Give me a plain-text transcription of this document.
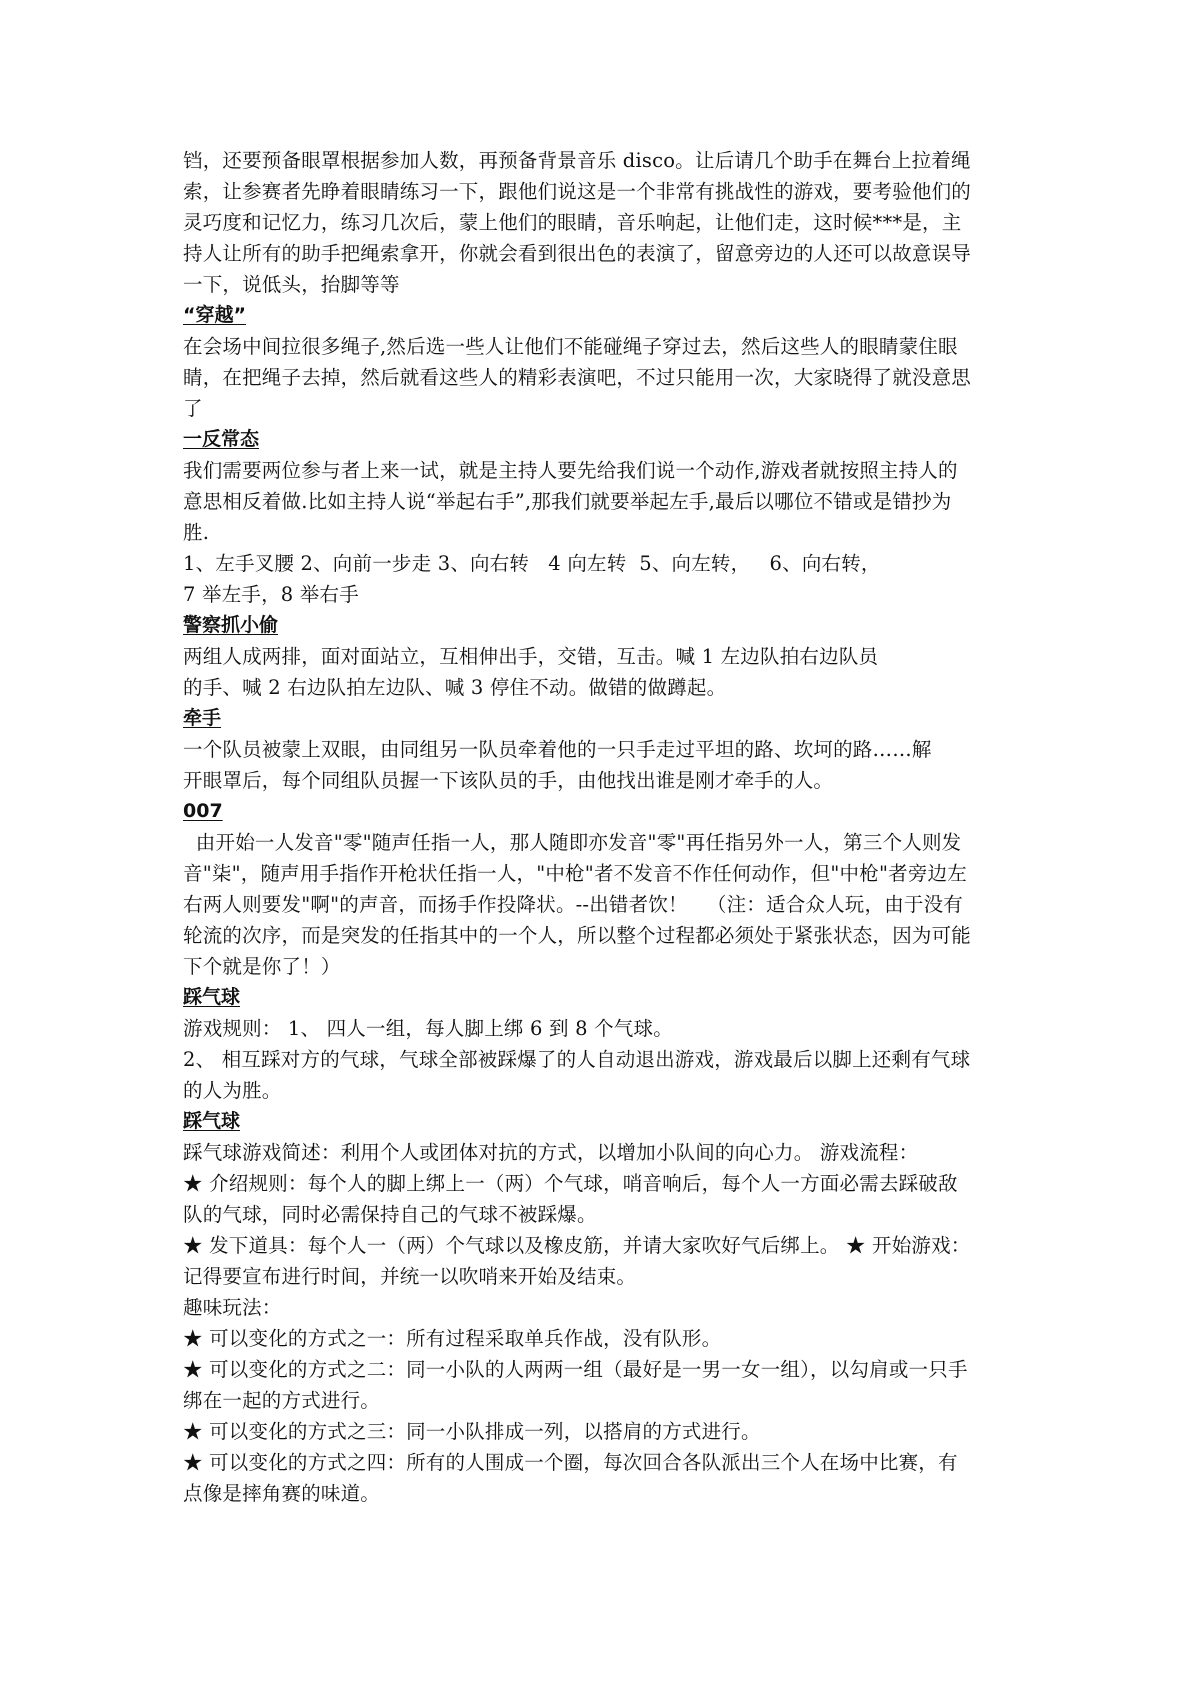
铛，还要预备眼罩根据参加人数，再预备背景音乐 disco。让后请几个助手在舞台上拉着绳
索，让参赛者先睁着眼睛练习一下，跟他们说这是一个非常有挑战性的游戏，要考验他们的
灵巧度和记忆力，练习几次后，蒙上他们的眼睛，音乐响起，让他们走，这时候***是，主
持人让所有的助手把绳索拿开，你就会看到很出色的表演了，留意旁边的人还可以故意误导
一下，说低头，抬脚等等
“穿越”
在会场中间拉很多绳子,然后选一些人让他们不能碰绳子穿过去，然后这些人的眼睛蒙住眼
睛，在把绳子去掉，然后就看这些人的精彩表演吧，不过只能用一次，大家晓得了就没意思
了
一反常态
我们需要两位参与者上来一试，就是主持人要先给我们说一个动作,游戏者就按照主持人的
意思相反着做.比如主持人说“举起右手”,那我们就要举起左手,最后以哪位不错或是错抄为
胜.
1、左手叉腰 2、向前一步走 3、向右转   4 向左转  5、向左转，   6、向右转，
7 举左手，8 举右手
警察抓小偷
两组人成两排，面对面站立，互相伸出手，交错，互击。喊 1 左边队拍右边队员
的手、喊 2 右边队拍左边队、喊 3 停住不动。做错的做蹲起。
牵手
一个队员被蒙上双眼，由同组另一队员牵着他的一只手走过平坦的路、坎坷的路……解
开眼罩后，每个同组队员握一下该队员的手，由他找出谁是刚才牵手的人。
007
由开始一人发音"零"随声任指一人，那人随即亦发音"零"再任指另外一人，第三个人则发
音"柒"，随声用手指作开枪状任指一人，"中枪"者不发音不作任何动作，但"中枪"者旁边左
右两人则要发"啊"的声音，而扬手作投降状。--出错者饮！   （注：适合众人玩，由于没有
轮流的次序，而是突发的任指其中的一个人，所以整个过程都必须处于紧张状态，因为可能
下个就是你了！）
踩气球
游戏规则： 1、 四人一组，每人脚上绑 6 到 8 个气球。
2、 相互踩对方的气球，气球全部被踩爆了的人自动退出游戏，游戏最后以脚上还剩有气球
的人为胜。
踩气球
踩气球游戏简述：利用个人或团体对抗的方式，以增加小队间的向心力。 游戏流程：
★ 介绍规则：每个人的脚上绑上一（两）个气球，哨音响后，每个人一方面必需去踩破敌
队的气球，同时必需保持自己的气球不被踩爆。
★ 发下道具：每个人一（两）个气球以及橡皮筋，并请大家吹好气后绑上。 ★ 开始游戏：
记得要宣布进行时间，并统一以吹哨来开始及结束。
趣味玩法：
★ 可以变化的方式之一：所有过程采取单兵作战，没有队形。
★ 可以变化的方式之二：同一小队的人两两一组（最好是一男一女一组），以勾肩或一只手
绑在一起的方式进行。
★ 可以变化的方式之三：同一小队排成一列，以搭肩的方式进行。
★ 可以变化的方式之四：所有的人围成一个圈，每次回合各队派出三个人在场中比赛，有
点像是摔角赛的味道。
